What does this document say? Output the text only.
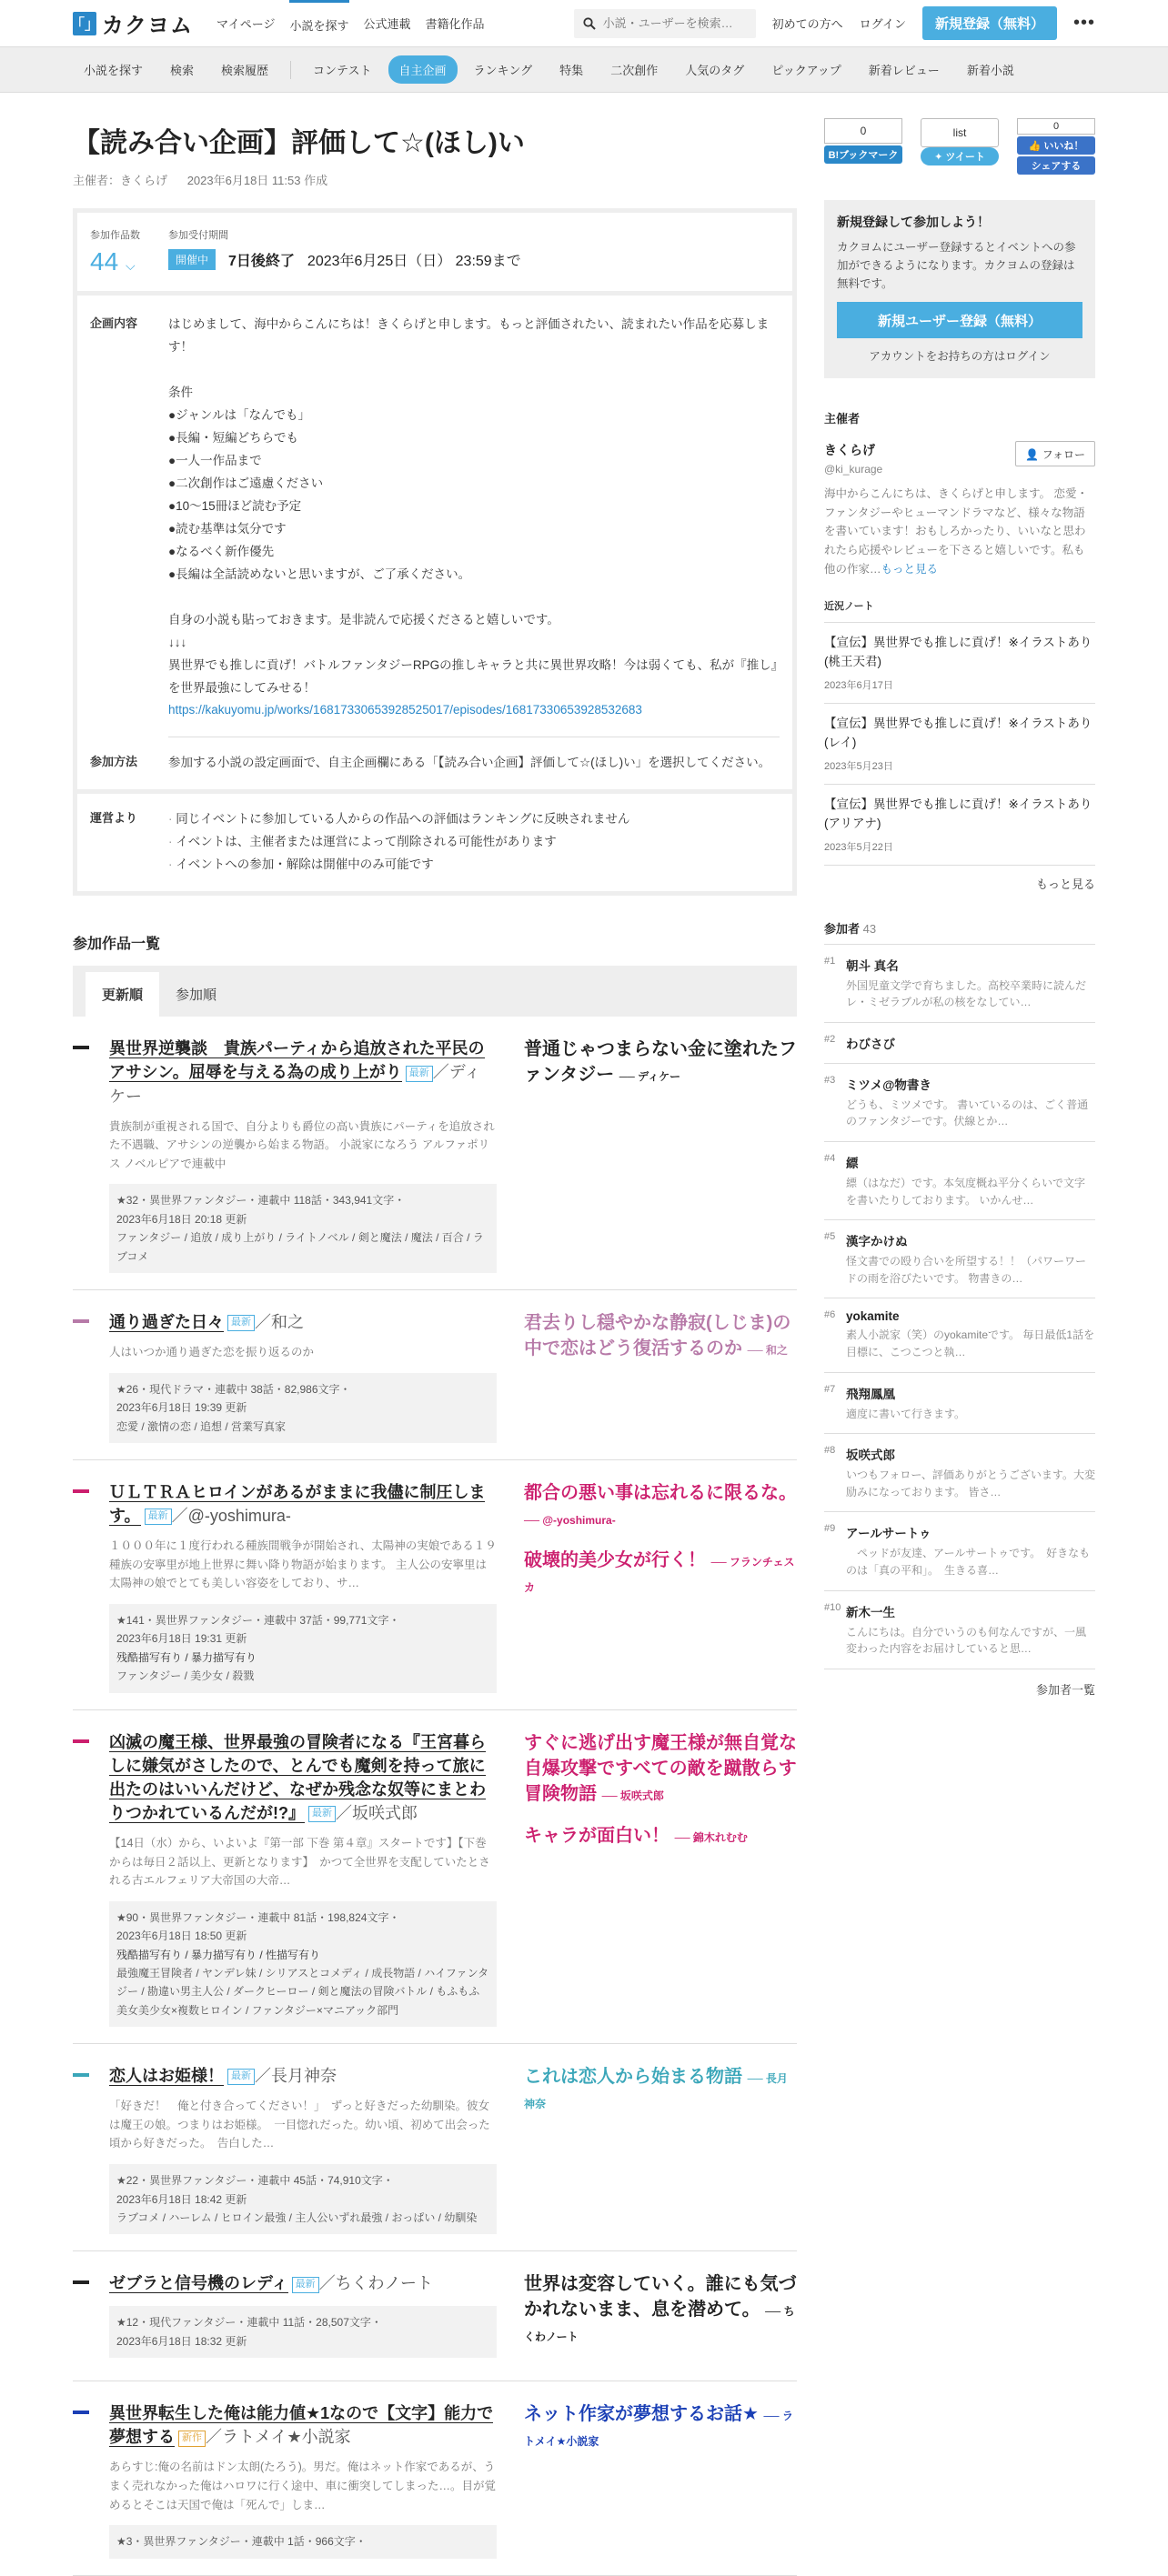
「」 カクヨム マイページ 小説を探す 公式連載 書籍化作品
小説・ユーザーを検索…	初めての方へ ログイン	新規登録（無料）	•••
小説を探す	検索	検索履歴	コンテスト	自主企画	ランキング	特集	二次創作	人気のタグ	ピックアップ	新着レビュー	新着小説
【読み合い企画】評価して☆(ほし)い
主催者：きくらげ 2023年6月18日 11:53 作成
参加作品数
44 ⌵
参加受付期間
開催中	7日後終了 2023年6月25日（日） 23:59まで
企画内容	はじめまして、海中からこんにちは！きくらげと申します。もっと評価されたい、読まれたい作品を応募します！

条件
●ジャンルは「なんでも」
●長編・短編どちらでも
●一人一作品まで
●二次創作はご遠慮ください
●10～15冊ほど読む予定
●読む基準は気分です
●なるべく新作優先
●長編は全話読めないと思いますが、ご了承ください。

自身の小説も貼っておきます。是非読んで応援くださると嬉しいです。
↓↓↓
異世界でも推しに貢げ！バトルファンタジーRPGの推しキャラと共に異世界攻略！今は弱くても、私が『推し』を世界最強にしてみせる！
https://kakuyomu.jp/works/16817330653928525017/episodes/16817330653928532683
参加方法	参加する小説の設定画面で、自主企画欄にある「【読み合い企画】評価して☆(ほし)い」を選択してください。
運営より
·	同じイベントに参加している人からの作品への評価はランキングに反映されません
· イベントは、主催者または運営によって削除される可能性があります
· イベントへの参加・解除は開催中のみ可能です
参加作品一覧
更新順	参加順
異世界逆襲談　貴族パーティから追放された平民のアサシン。屈辱を与える為の成り上がり 最新 ／ディケー
貴族制が重視される国で、自分よりも爵位の高い貴族にパーティを追放された不遇職、アサシンの逆襲から始まる物語。 小説家になろう アルファポリス ノベルピアで連載中
★32・異世界ファンタジー・連載中 118話・343,941文字・
2023年6月18日 20:18 更新
ファンタジー / 追放 / 成り上がり / ライトノベル / 剣と魔法 / 魔法 / 百合 / ラブコメ
普通じゃつまらない金に塗れたファンタジー ── ディケー
通り過ぎた日々 最新 ／和之
人はいつか通り過ぎた恋を振り返るのか
★26・現代ドラマ・連載中 38話・82,986文字・
2023年6月18日 19:39 更新
恋愛 / 激情の恋 / 追想 / 営業写真家
君去りし穏やかな静寂(しじま)の中で恋はどう復活するのか ── 和之
ＵＬＴＲＡヒロインがあるがままに我儘に制圧します。 最新 ／@-yoshimura-
１０００年に１度行われる種族間戦争が開始され、太陽神の実娘である１９種族の安寧里が地上世界に舞い降り物語が始まります。 主人公の安寧里は太陽神の娘でとても美しい容姿をしており、サ…
★141・異世界ファンタジー・連載中 37話・99,771文字・
2023年6月18日 19:31 更新
残酷描写有り / 暴力描写有り
ファンタジー / 美少女 / 殺戮
都合の悪い事は忘れるに限るな。 ── @-yoshimura-
破壊的美少女が行く！ ── フランチェスカ
凶滅の魔王様、世界最強の冒険者になる『王宮暮らしに嫌気がさしたので、とんでも魔剣を持って旅に出たのはいいんだけど、なぜか残念な奴等にまとわりつかれているんだが!?』 最新 ／坂咲式郎
【14日（水）から、いよいよ『第一部 下巻 第４章』スタートです】【下巻からは毎日２話以上、更新となります】　かつて全世界を支配していたとされる古エルフェリア大帝国の大帝…
★90・異世界ファンタジー・連載中 81話・198,824文字・
2023年6月18日 18:50 更新
残酷描写有り / 暴力描写有り / 性描写有り
最強魔王冒険者 / ヤンデレ妹 / シリアスとコメディ / 成長物語 / ハイファンタジー / 勘違い男主人公 / ダークヒーロー / 剣と魔法の冒険バトル / もふもふ美女美少女×複数ヒロイン / ファンタジー×マニアック部門
すぐに逃げ出す魔王様が無自覚な自爆攻撃ですべての敵を蹴散らす冒険物語 ── 坂咲式郎
キャラが面白い！ ── 錦木れむむ
恋人はお姫様！ 最新 ／長月神奈
「好きだ！　俺と付き合ってください！」　ずっと好きだった幼馴染。彼女は魔王の娘。つまりはお姫様。　一目惚れだった。幼い頃、初めて出会った頃から好きだった。　告白した…
★22・異世界ファンタジー・連載中 45話・74,910文字・
2023年6月18日 18:42 更新
ラブコメ / ハーレム / ヒロイン最強 / 主人公いずれ最強 / おっぱい / 幼馴染
これは恋人から始まる物語 ── 長月神奈
ゼブラと信号機のレディ 最新 ／ちくわノート
★12・現代ファンタジー・連載中 11話・28,507文字・
2023年6月18日 18:32 更新
世界は変容していく。誰にも気づかれないまま、息を潜めて。 ── ちくわノート
異世界転生した俺は能力値★1なので【文字】能力で夢想する 新作 ／ラトメイ★小説家
あらすじ:俺の名前はドン太朗(たろう)。男だ。俺はネット作家であるが、うまく売れなかった俺はハロワに行く途中、車に衝突してしまった…。目が覚めるとそこは天国で俺は「死んで」しま…
★3・異世界ファンタジー・連載中 1話・966文字・
ネット作家が夢想するお話★ ── ラトメイ★小説家
0
B!ブックマーク
list
✦
ツイート
0
👍
いいね！
シェアする
新規登録して参加しよう！
カクヨムにユーザー登録するとイベントへの参加ができるようになります。カクヨムの登録は無料です。
新規ユーザー登録（無料）
アカウントをお持ちの方はログイン
主催者
きくらげ
@ki_kurage
👤 フォロー
海中からこんにちは、きくらげと申します。 恋愛・ファンタジーやヒューマンドラマなど、様々な物語を書いています！おもしろかったり、いいなと思われたら応援やレビューを下さると嬉しいです。私も他の作家…もっと見る
近況ノート
【宣伝】異世界でも推しに貢げ！※イラストあり(桃王天君)
2023年6月17日
【宣伝】異世界でも推しに貢げ！※イラストあり(レイ)
2023年5月23日
【宣伝】異世界でも推しに貢げ！※イラストあり(アリアナ)
2023年5月22日
もっと見る
参加者 43
#1 朝斗 真名
外国児童文学で育ちました。高校卒業時に読んだレ・ミゼラブルが私の核をなしてい…
#2 わびさび
#3 ミツメ@物書き
どうも、ミツメです。 書いているのは、ごく普通のファンタジーです。伏線とか…
#4 縹
縹（はなだ）です。本気度概ね平分くらいで文字を書いたりしております。 いかんせ…
#5 漢字かけぬ
怪文書での殴り合いを所望する！！（パワーワードの雨を浴びたいです。 物書きの…
#6 yokamite
素人小説家（笑）のyokamiteです。 毎日最低1話を目標に、こつこつと執…
#7 飛翔鳳凰
適度に書いて行きます。
#8 坂咲式郎
いつもフォロー、評価ありがとうございます。大変励みになっております。 皆さ…
#9 アールサートゥ
　ペッドが友達、アールサートゥです。　好きなものは「真の平和」。　生きる喜…
#10 新木一生
こんにちは。自分でいうのも何なんですが、一風変わった内容をお届けしていると思…
参加者一覧
